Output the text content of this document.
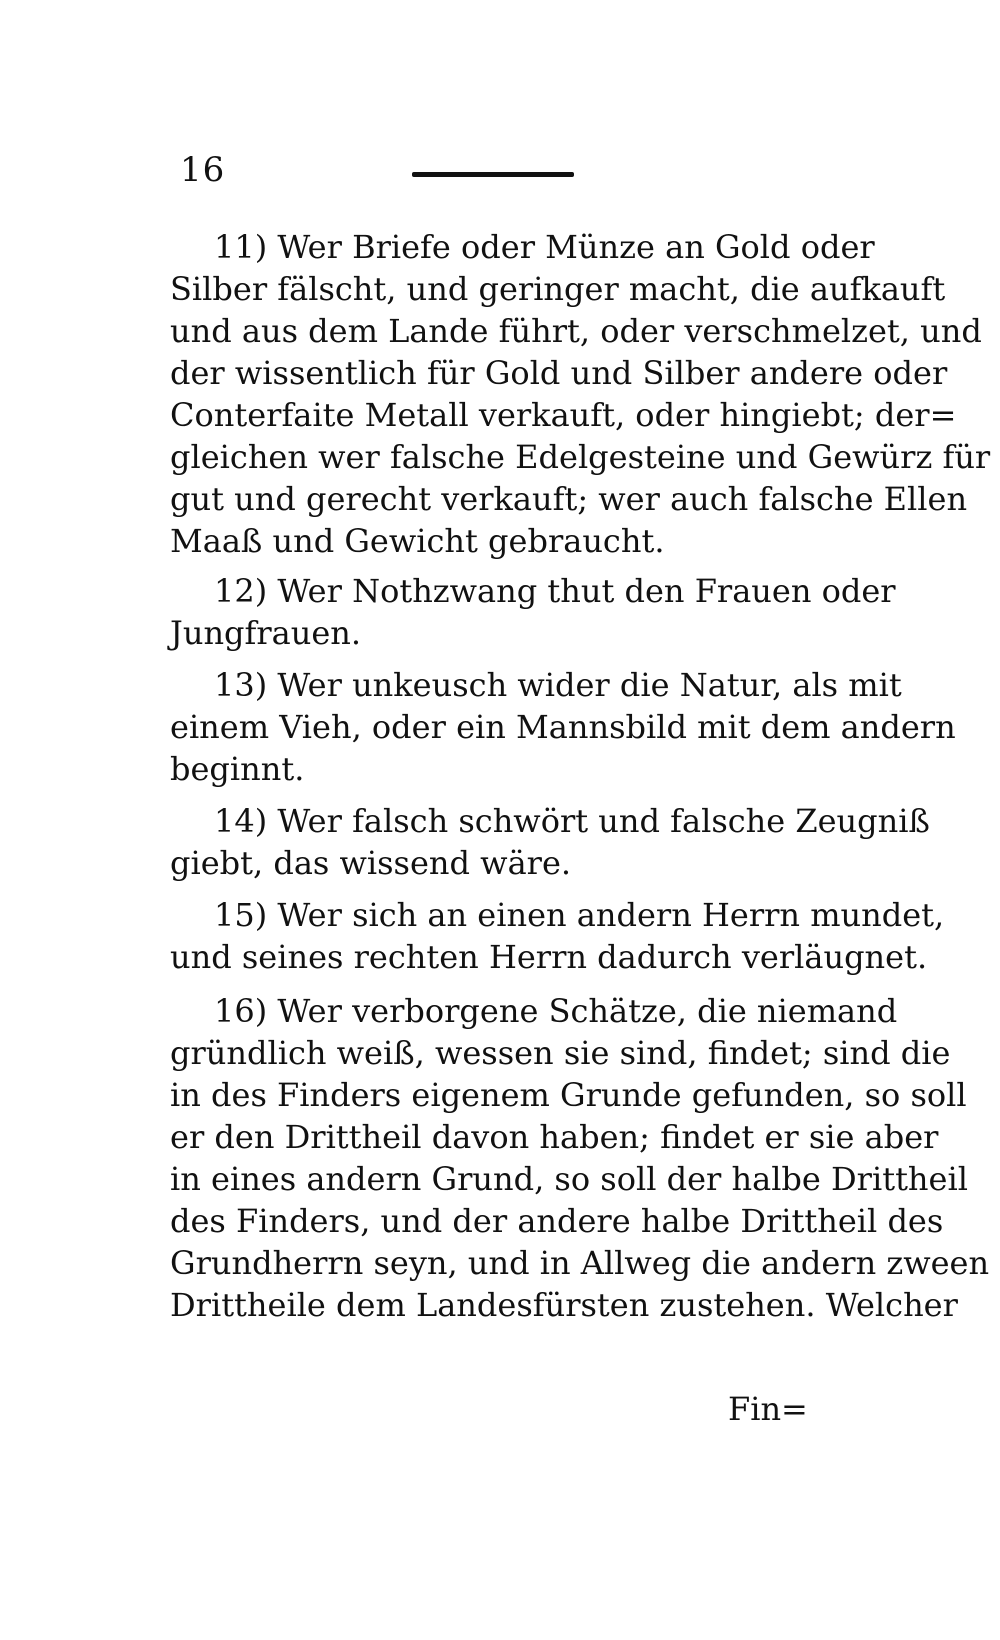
16
11) Wer Briefe oder Münze an Gold oder
Silber fälscht, und geringer macht, die aufkauft
und aus dem Lande führt, oder verschmelzet, und
der wissentlich für Gold und Silber andere oder
Conterfaite Metall verkauft, oder hingiebt; der=
gleichen wer falsche Edelgesteine und Gewürz für
gut und gerecht verkauft; wer auch falsche Ellen
Maaß und Gewicht gebraucht.
12) Wer Nothzwang thut den Frauen oder
Jungfrauen.
13) Wer unkeusch wider die Natur, als mit
einem Vieh, oder ein Mannsbild mit dem andern
beginnt.
14) Wer falsch schwört und falsche Zeugniß
giebt, das wissend wäre.
15) Wer sich an einen andern Herrn mundet,
und seines rechten Herrn dadurch verläugnet.
16) Wer verborgene Schätze, die niemand
gründlich weiß, wessen sie sind, findet; sind die
in des Finders eigenem Grunde gefunden, so soll
er den Drittheil davon haben; findet er sie aber
in eines andern Grund, so soll der halbe Drittheil
des Finders, und der andere halbe Drittheil des
Grundherrn seyn, und in Allweg die andern zween
Drittheile dem Landesfürsten zustehen. Welcher
Fin=
